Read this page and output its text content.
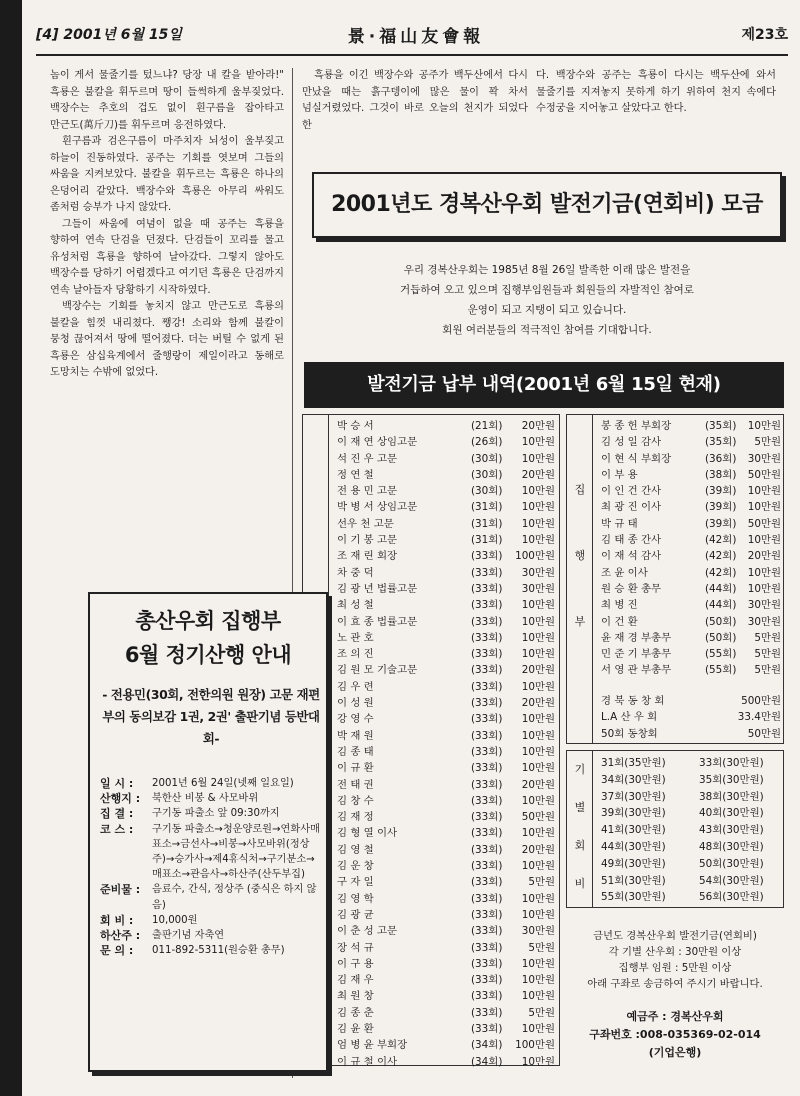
[4] 2001년 6월 15일	景·福山友會報	제23호

놈이 게서 물줄기를 텄느냐? 당장 내 칼을 받아라!" 흑룡은 불칼을 휘두르며 땅이 들썩하게 울부짖었다. 백장수는 추호의 겁도 없이 흰구름을 잡아타고 만근도(萬斤刀)를 휘두르며 응전하였다.

흰구름과 검은구름이 마주치자 뇌성이 울부짖고 하늘이 진동하였다. 공주는 기회를 엿보며 그들의 싸움을 지켜보았다. 불칼을 휘두르는 흑룡은 하나의 은덩어리 같았다. 백장수와 흑룡은 아무리 싸워도 좀처럼 승부가 나지 않았다.

그들이 싸움에 여념이 없을 때 공주는 흑룡을 향하여 연속 단검을 던졌다. 단검들이 꼬리를 물고 유성처럼 흑룡을 향하여 날아갔다. 그렇지 않아도 백장수를 당하기 어렵겠다고 여기던 흑룡은 단검까지 연속 날아들자 당황하기 시작하였다.

백장수는 기회를 놓치지 않고 만근도로 흑룡의 불칼을 힘껏 내리쳤다. 쨍강! 소리와 함께 불칼이 뭉청 끊어져서 땅에 떨어졌다. 더는 버틸 수 없게 된 흑룡은 삼십육계에서 줄행랑이 제일이라고 동해로 도망치는 수밖에 없었다.

흑룡을 이긴 백장수와 공주가 백두산에서 다시 만났을 때는 흙구뎅이에 많은 물이 꽉 차서 넘실거렸었다. 그것이 바로 오늘의 천지가 되었다 한
다. 백장수와 공주는 흑룡이 다시는 백두산에 와서 물줄기를 지져놓지 못하게 하기 위하여 천지 속에다 수정궁을 지어놓고 살았다고 한다.
2001년도 경복산우회 발전기금(연회비) 모금
우리 경복산우회는 1985년 8월 26일 발족한 이래 많은 발전을
거듭하여 오고 있으며 집행부임원들과 회원들의 자발적인 참여로
운영이 되고 지탱이 되고 있습니다.
회원 여러분들의 적극적인 참여를 기대합니다.
발전기금 납부 내역(2001년 6월 15일 현재)
박 승 서	(21회) 20만원
이 재 연 상임고문	(26회) 10만원
석 진 우 고문	(30회) 10만원
정 연 철	(30회) 20만원
전 용 민 고문	(30회) 10만원
박 병 서 상임고문	(31회) 10만원
선우 천 고문	(31회) 10만원
이 기 봉 고문	(31회) 10만원
조 재 린 회장	(33회) 100만원
차 중 덕	(33회) 30만원
김 광 년 법률고문	(33회) 30만원
최 성 철	(33회) 10만원
이 효 종 법률고문	(33회) 10만원
노 관 호	(33회) 10만원
조 의 진	(33회) 10만원
김 원 모 기술고문	(33회) 20만원
김 우 련	(33회) 10만원
이 성 원	(33회) 20만원
강 영 수	(33회) 10만원
박 재 원	(33회) 10만원
김 종 태	(33회) 10만원
이 규 환	(33회) 10만원
전 태 권	(33회) 20만원
김 창 수	(33회) 10만원
김 재 정	(33회) 50만원
김 형 열 이사	(33회) 10만원
김 영 철	(33회) 20만원
김 운 창	(33회) 10만원
구 자 일	(33회) 5만원
김 영 학	(33회) 10만원
김 광 균	(33회) 10만원
이 춘 성 고문	(33회) 30만원
장 석 규	(33회) 5만원
이 구 용	(33회) 10만원
김 재 우	(33회) 10만원
최 원 창	(33회) 10만원
김 종 춘	(33회) 5만원
김 윤 환	(33회) 10만원
엄 병 윤 부회장	(34회) 100만원
이 규 철 이사	(34회) 10만원
집
행
부
봉 종 헌 부회장	(35회) 10만원
김 성 일 감사	(35회) 5만원
이 현 식 부회장	(36회) 30만원
이 부 용	(38회) 50만원
이 인 건 간사	(39회) 10만원
최 광 진 이사	(39회) 10만원
박 규 태	(39회) 50만원
김 태 종 간사	(42회) 10만원
이 재 석 감사	(42회) 20만원
조 윤 이사	(42회) 10만원
원 승 환 총무	(44회) 10만원
최 병 진	(44회) 30만원
이 건 환	(50회) 30만원
윤 재 경 부총무	(50회) 5만원
민 준 기 부총무	(55회) 5만원
서 영 관 부총무	(55회) 5만원
경 북 동 창 회	500만원
L.A 산 우 회	33.4만원
50회 동창회	50만원
기
별
회
비
31회(35만원)	33회(30만원)
34회(30만원)	35회(30만원)
37회(30만원)	38회(30만원)
39회(30만원)	40회(30만원)
41회(30만원)	43회(30만원)
44회(30만원)	48회(30만원)
49회(30만원)	50회(30만원)
51회(30만원)	54회(30만원)
55회(30만원)	56회(30만원)
금년도 경복산우회 발전기금(연회비)
각 기별 산우회 : 30만원 이상
집행부 임원 : 5만원 이상
아래 구좌로 송금하여 주시기 바랍니다.
예금주 : 경복산우회
구좌번호 :008-035369-02-014
(기업은행)
총산우회 집행부
6월 정기산행 안내
- 전용민(30회, 전한의원 원장) 고문 재편 부의 동의보감 1권, 2권' 출판기념 등반대회-
일 시 : 2001년 6월 24일(넷째 일요일)
산행지 : 북한산 비봉 & 사모바위
집 결 : 구기동 파출소 앞 09:30까지
코 스 : 구기동 파출소→청운양로원→연화사매표소→금선사→비봉→사모바위(정상주)→승가사→제4휴식처→구기분소→매표소→관음사→하산주(산두부집)
준비물 : 음료수, 간식, 정상주 (중식은 하지 않음)
회 비 : 10,000원
하산주 : 출판기념 자축연
문 의 : 011-892-5311(원승환 총무)
